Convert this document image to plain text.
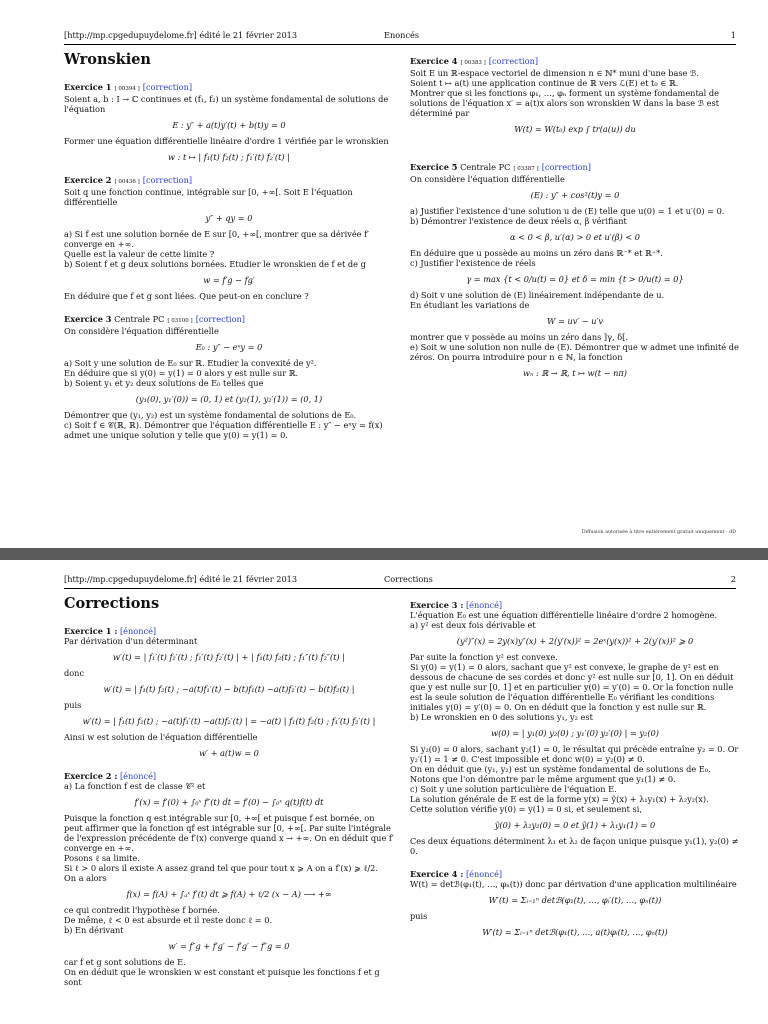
[http://mp.cpgedupuydelome.fr] édité le 21 février 2013	Enoncés	1
Wronskien

Exercice 1 [ 00394 ] [correction]

Soient a, b : I → ℂ continues et (f₁, f₂) un système fondamental de solutions de l'équation

E : y″ + a(t)y′(t) + b(t)y = 0

Former une équation différentielle linéaire d'ordre 1 vérifiée par le wronskien

w : t ↦ | f₁(t) f₂(t) ; f₁′(t) f₂′(t) |

Exercice 2 [ 00436 ] [correction]

Soit q une fonction continue, intégrable sur [0, +∞[. Soit E l'équation différentielle

y″ + qy = 0

a) Si f est une solution bornée de E sur [0, +∞[, montrer que sa dérivée f′ converge en +∞.

Quelle est la valeur de cette limite ?

b) Soient f et g deux solutions bornées. Etudier le wronskien de f et de g

w = f′g − fg′

En déduire que f et g sont liées. Que peut-on en conclure ?

Exercice 3 Centrale PC [ 03100 ] [correction]

On considère l'équation différentielle

E₀ : y″ − eˣy = 0

a) Soit y une solution de E₀ sur ℝ. Etudier la convexité de y².

En déduire que si y(0) = y(1) = 0 alors y est nulle sur ℝ.

b) Soient y₁ et y₂ deux solutions de E₀ telles que

(y₁(0), y₁′(0)) = (0, 1) et (y₂(1), y₂′(1)) = (0, 1)

Démontrer que (y₁, y₂) est un système fondamental de solutions de E₀.

c) Soit f ∈ 𝒞(ℝ, ℝ). Démontrer que l'équation différentielle E : y″ − eˣy = f(x) admet une unique solution y telle que y(0) = y(1) = 0.

Exercice 4 [ 00383 ] [correction]

Soit E un ℝ-espace vectoriel de dimension n ∈ ℕ* muni d'une base ℬ.

Soient t ↦ a(t) une application continue de ℝ vers ℒ(E) et t₀ ∈ ℝ.

Montrer que si les fonctions φ₁, …, φₙ forment un système fondamental de solutions de l'équation x′ = a(t)x alors son wronskien W dans la base ℬ est déterminé par

W(t) = W(t₀) exp ∫ tr(a(u)) du

Exercice 5 Centrale PC [ 03387 ] [correction]

On considère l'équation différentielle

(E) : y″ + cos²(t)y = 0

a) Justifier l'existence d'une solution u de (E) telle que u(0) = 1 et u′(0) = 0.

b) Démontrer l'existence de deux réels α, β vérifiant

α < 0 < β, u′(α) > 0 et u′(β) < 0

En déduire que u possède au moins un zéro dans ℝ⁻* et ℝ⁺*.

c) Justifier l'existence de réels

γ = max {t < 0/u(t) = 0} et δ = min {t > 0/u(t) = 0}

d) Soit v une solution de (E) linéairement indépendante de u.

En étudiant les variations de

W = uv′ − u′v

montrer que v possède au moins un zéro dans ]γ, δ[.

e) Soit w une solution non nulle de (E). Démontrer que w admet une infinité de zéros. On pourra introduire pour n ∈ ℕ, la fonction

wₙ : ℝ → ℝ, t ↦ w(t − nπ)
Diffusion autorisée à titre entièrement gratuit uniquement - dD
[http://mp.cpgedupuydelome.fr] édité le 21 février 2013	Corrections	2
Corrections

Exercice 1 : [énoncé]

Par dérivation d'un déterminant

w′(t) = | f₁′(t) f₂′(t) ; f₁′(t) f₂′(t) | + | f₁(t) f₂(t) ; f₁″(t) f₂″(t) |

donc

w′(t) = | f₁(t) f₂(t) ; −a(t)f₁′(t) − b(t)f₁(t) −a(t)f₂′(t) − b(t)f₂(t) |

puis

w′(t) = | f₁(t) f₂(t) ; −a(t)f₁′(t) −a(t)f₂′(t) | = −a(t) | f₁(t) f₂(t) ; f₁′(t) f₂′(t) |

Ainsi w est solution de l'équation différentielle

w′ + a(t)w = 0

Exercice 2 : [énoncé]

a) La fonction f est de classe 𝒞² et

f′(x) = f′(0) + ∫₀ˣ f″(t) dt = f′(0) − ∫₀ˣ q(t)f(t) dt

Puisque la fonction q est intégrable sur [0, +∞[ et puisque f est bornée, on peut affirmer que la fonction qf est intégrable sur [0, +∞[. Par suite l'intégrale de l'expression précédente de f′(x) converge quand x → +∞. On en déduit que f′ converge en +∞.

Posons ℓ sa limite.

Si ℓ > 0 alors il existe A assez grand tel que pour tout x ⩾ A on a f′(x) ⩾ ℓ/2.

On a alors

f(x) = f(A) + ∫ₐˣ f′(t) dt ⩾ f(A) + ℓ/2 (x − A) ⟶ +∞

ce qui contredit l'hypothèse f bornée.

De même, ℓ < 0 est absurde et il reste donc ℓ = 0.

b) En dérivant

w′ = f″g + f′g′ − f′g′ − f″g = 0

car f et g sont solutions de E.

On en déduit que le wronskien w est constant et puisque les fonctions f et g sont

Exercice 3 : [énoncé]

L'équation E₀ est une équation différentielle linéaire d'ordre 2 homogène.

a) y² est deux fois dérivable et

(y²)″(x) = 2y(x)y″(x) + 2(y′(x))² = 2eˣ(y(x))² + 2(y′(x))² ⩾ 0

Par suite la fonction y² est convexe.

Si y(0) = y(1) = 0 alors, sachant que y² est convexe, le graphe de y² est en dessous de chacune de ses cordes et donc y² est nulle sur [0, 1]. On en déduit que y est nulle sur [0, 1] et en particulier y(0) = y′(0) = 0. Or la fonction nulle est la seule solution de l'équation différentielle E₀ vérifiant les conditions initiales y(0) = y′(0) = 0. On en déduit que la fonction y est nulle sur ℝ.

b) Le wronskien en 0 des solutions y₁, y₂ est

w(0) = | y₁(0) y₂(0) ; y₁′(0) y₂′(0) | = y₂(0)

Si y₂(0) = 0 alors, sachant y₂(1) = 0, le résultat qui précède entraîne y₂ = 0. Or y₂′(1) = 1 ≠ 0. C'est impossible et donc w(0) = y₂(0) ≠ 0.

On en déduit que (y₁, y₂) est un système fondamental de solutions de E₀.

Notons que l'on démontre par le même argument que y₁(1) ≠ 0.

c) Soit y une solution particulière de l'équation E.

La solution générale de E est de la forme y(x) = ỹ(x) + λ₁y₁(x) + λ₂y₂(x).

Cette solution vérifie y(0) = y(1) = 0 si, et seulement si,

ỹ(0) + λ₂y₂(0) = 0 et ỹ(1) + λ₁y₁(1) = 0

Ces deux équations déterminent λ₁ et λ₂ de façon unique puisque y₁(1), y₂(0) ≠ 0.

Exercice 4 : [énoncé]

W(t) = detℬ(φ₁(t), …, φₙ(t)) donc par dérivation d'une application multilinéaire

W′(t) = Σᵢ₌₁ⁿ detℬ(φ₁(t), …, φᵢ′(t), …, φₙ(t))

puis

W′(t) = Σᵢ₌₁ⁿ detℬ(φ₁(t), …, a(t)φᵢ(t), …, φₙ(t))
